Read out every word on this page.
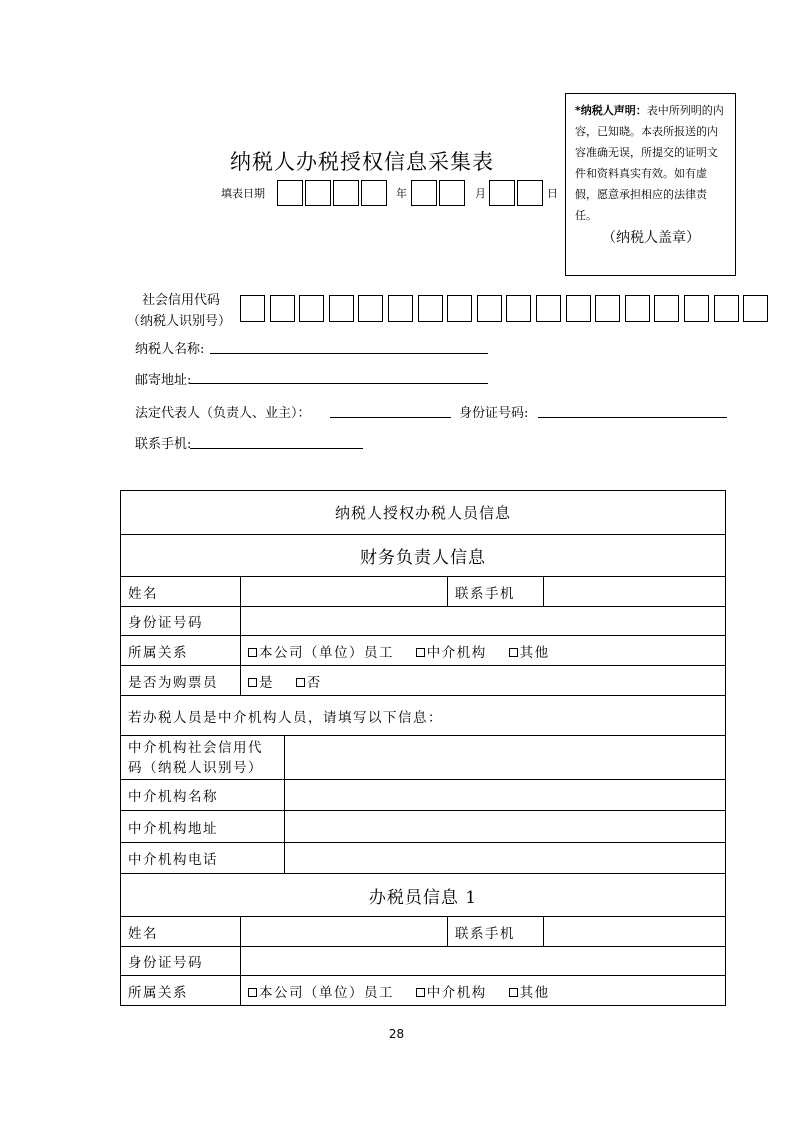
纳税人办税授权信息采集表
填表日期	年	月	日
*纳税人声明：表中所列明的内容，已知晓。本表所报送的内容准确无误，所提交的证明文件和资料真实有效。如有虚假，愿意承担相应的法律责任。
（纳税人盖章）
社会信用代码
（纳税人识别号）
纳税人名称:
邮寄地址:
法定代表人（负责人、业主）：	身份证号码:
联系手机:
纳税人授权办税人员信息				
财务负责人信息				
姓名			联系手机	
身份证号码				
所属关系	本公司（单位）员工 中介机构 其他			
是否为购票员	是 否			
若办税人员是中介机构人员，请填写以下信息：				
中介机构社会信用代码（纳税人识别号）				
中介机构名称				
中介机构地址				
中介机构电话				
办税员信息 1				
姓名			联系手机	
身份证号码				
所属关系	本公司（单位）员工 中介机构 其他			
28
